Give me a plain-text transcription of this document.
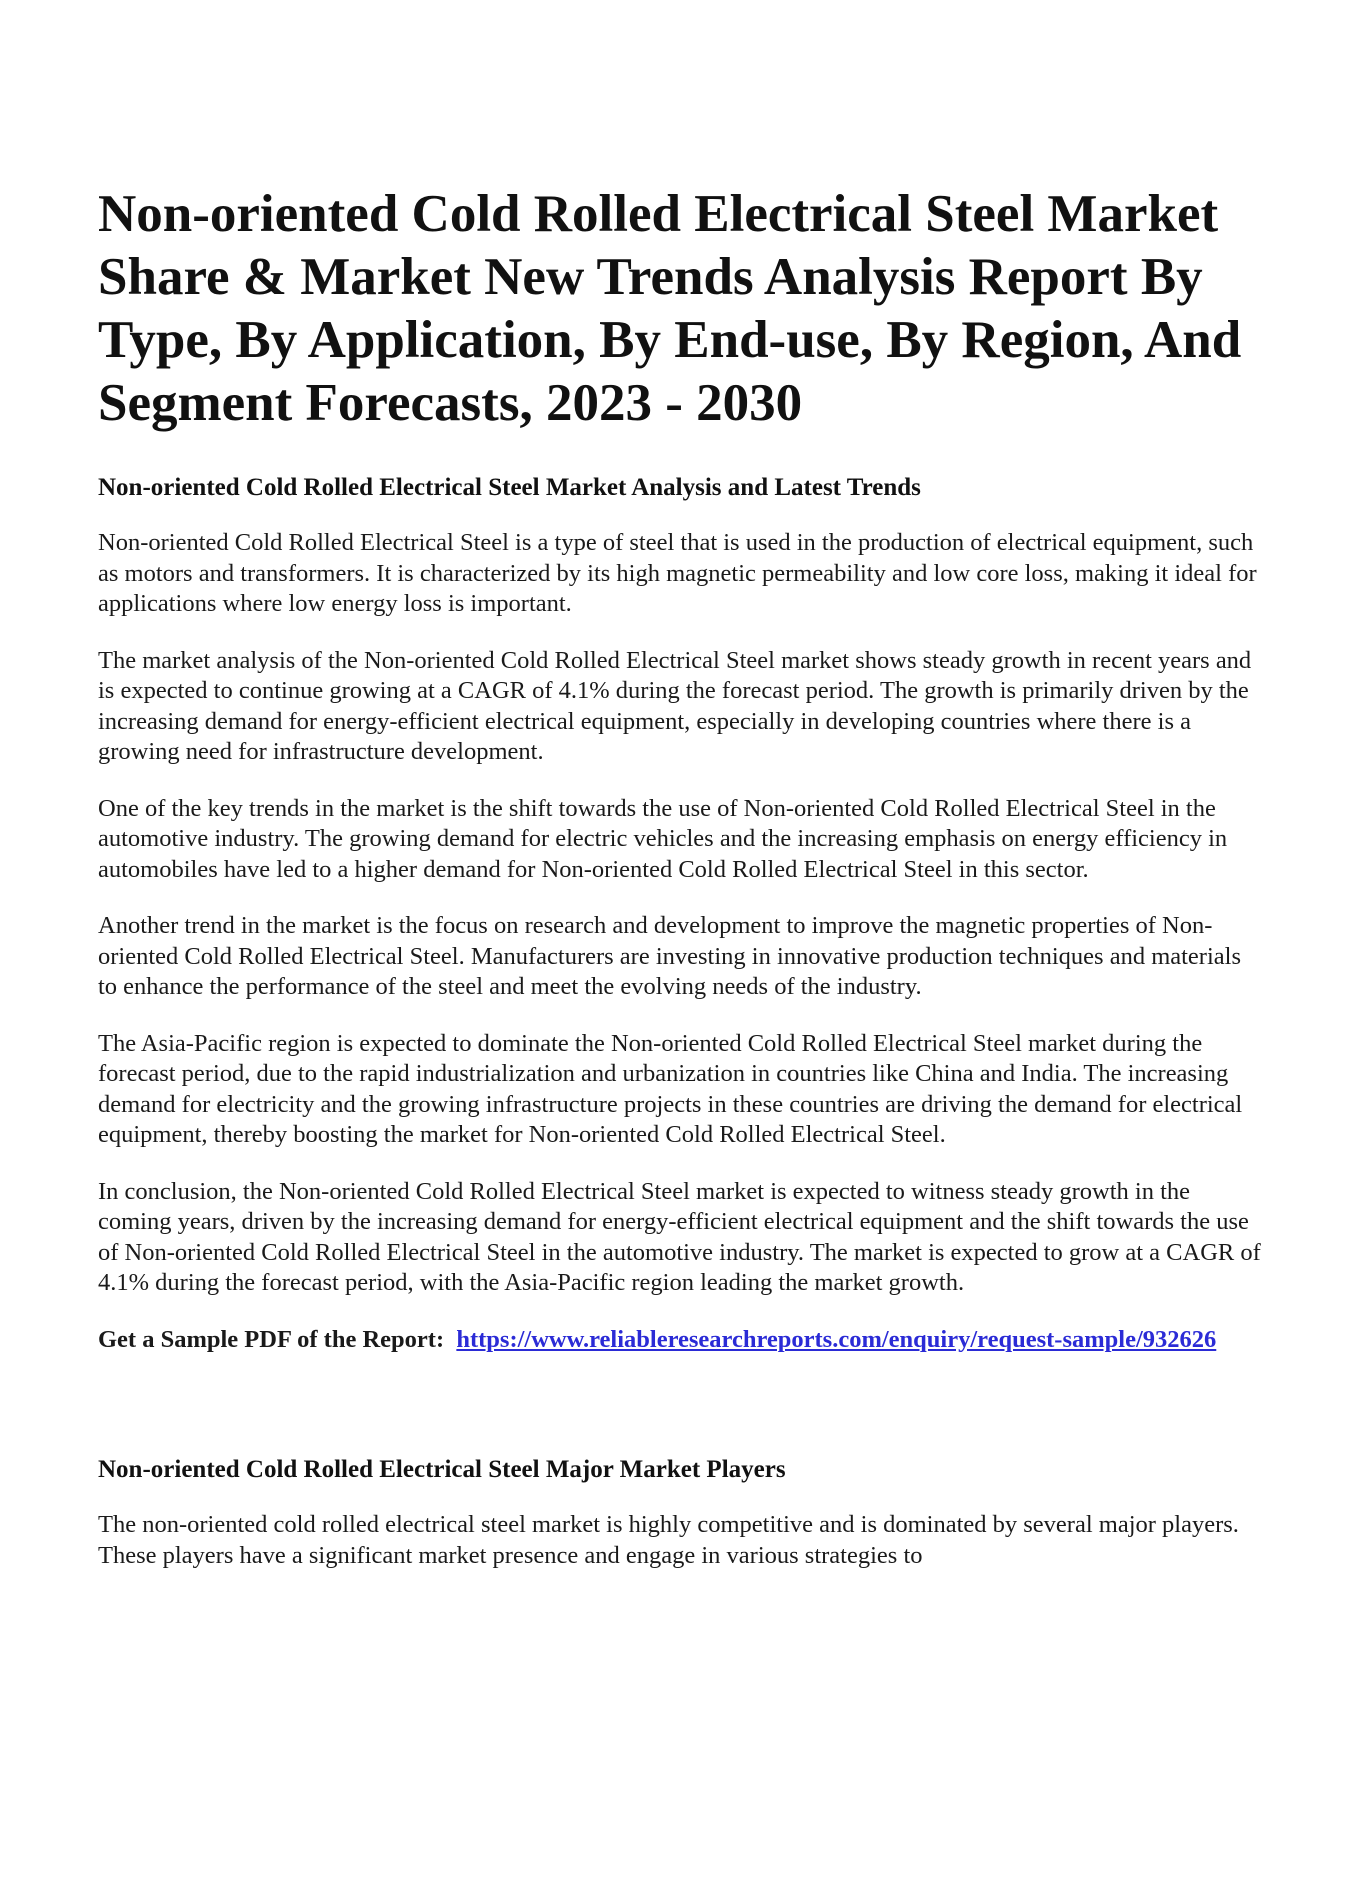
Non-oriented Cold Rolled Electrical Steel Market Share & Market New Trends Analysis Report By Type, By Application, By End-use, By Region, And Segment Forecasts, 2023 - 2030
Non-oriented Cold Rolled Electrical Steel Market Analysis and Latest Trends

Non-oriented Cold Rolled Electrical Steel is a type of steel that is used in the production of electrical equipment, such as motors and transformers. It is characterized by its high magnetic permeability and low core loss, making it ideal for applications where low energy loss is important.

The market analysis of the Non-oriented Cold Rolled Electrical Steel market shows steady growth in recent years and is expected to continue growing at a CAGR of 4.1% during the forecast period. The growth is primarily driven by the increasing demand for energy-efficient electrical equipment, especially in developing countries where there is a growing need for infrastructure development.

One of the key trends in the market is the shift towards the use of Non-oriented Cold Rolled Electrical Steel in the automotive industry. The growing demand for electric vehicles and the increasing emphasis on energy efficiency in automobiles have led to a higher demand for Non-oriented Cold Rolled Electrical Steel in this sector.

Another trend in the market is the focus on research and development to improve the magnetic properties of Non-oriented Cold Rolled Electrical Steel. Manufacturers are investing in innovative production techniques and materials to enhance the performance of the steel and meet the evolving needs of the industry.

The Asia-Pacific region is expected to dominate the Non-oriented Cold Rolled Electrical Steel market during the forecast period, due to the rapid industrialization and urbanization in countries like China and India. The increasing demand for electricity and the growing infrastructure projects in these countries are driving the demand for electrical equipment, thereby boosting the market for Non-oriented Cold Rolled Electrical Steel.

In conclusion, the Non-oriented Cold Rolled Electrical Steel market is expected to witness steady growth in the coming years, driven by the increasing demand for energy-efficient electrical equipment and the shift towards the use of Non-oriented Cold Rolled Electrical Steel in the automotive industry. The market is expected to grow at a CAGR of 4.1% during the forecast period, with the Asia-Pacific region leading the market growth.

Get a Sample PDF of the Report: https://www.reliableresearchreports.com/enquiry/request-sample/932626
Non-oriented Cold Rolled Electrical Steel Major Market Players

The non-oriented cold rolled electrical steel market is highly competitive and is dominated by several major players. These players have a significant market presence and engage in various strategies to
